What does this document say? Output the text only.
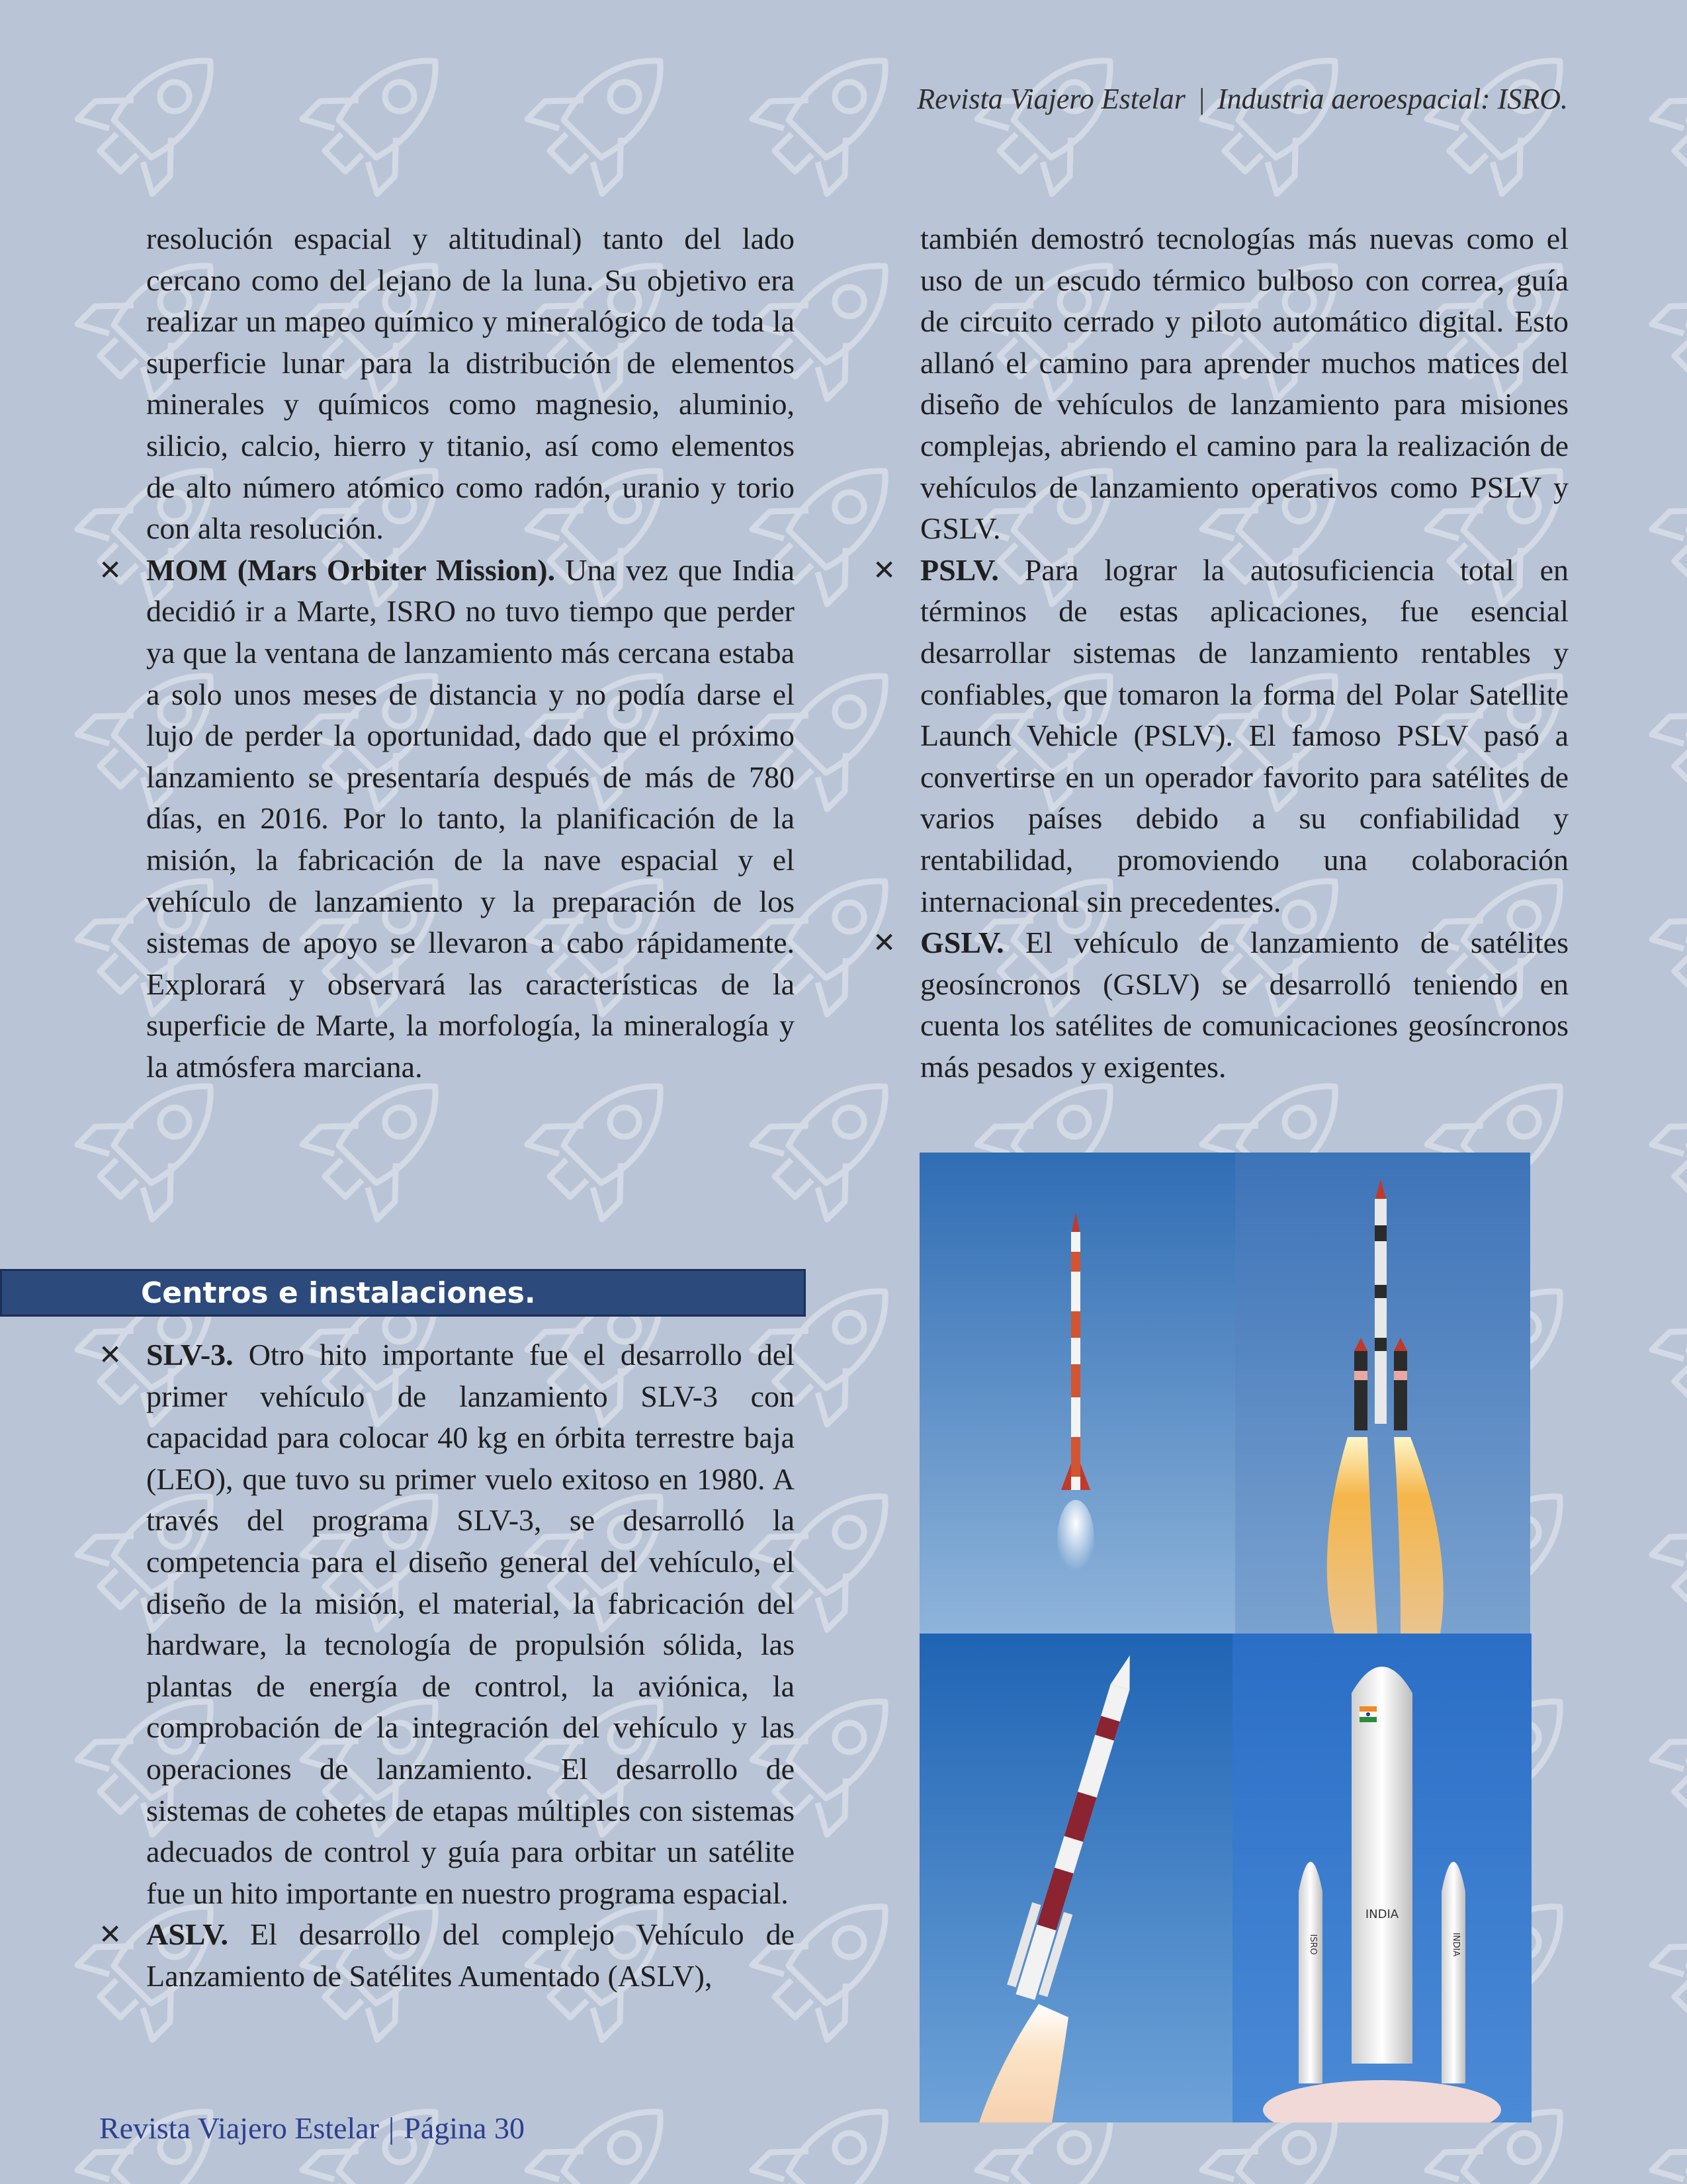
Revista Viajero Estelar | Industria aeroespacial: ISRO.

resolución espacial y altitudinal) tanto del lado cercano como del lejano de la luna. Su objetivo era realizar un mapeo químico y mineralógico de toda la superficie lunar para la distribución de elementos minerales y químicos como magnesio, aluminio, silicio, calcio, hierro y titanio, así como elementos de alto número atómico como radón, uranio y torio con alta resolución.

✕ MOM (Mars Orbiter Mission). Una vez que India decidió ir a Marte, ISRO no tuvo tiempo que perder ya que la ventana de lanzamiento más cercana estaba a solo unos meses de distancia y no podía darse el lujo de perder la oportunidad, dado que el próximo lanzamiento se presentaría después de más de 780 días, en 2016. Por lo tanto, la planificación de la misión, la fabricación de la nave espacial y el vehículo de lanzamiento y la preparación de los sistemas de apoyo se llevaron a cabo rápidamente. Explorará y observará las características de la superficie de Marte, la morfología, la mineralogía y la atmósfera marciana.
Centros e instalaciones.
✕ SLV-3. Otro hito importante fue el desarrollo del primer vehículo de lanzamiento SLV-3 con capacidad para colocar 40 kg en órbita terrestre baja (LEO), que tuvo su primer vuelo exitoso en 1980. A través del programa SLV-3, se desarrolló la competencia para el diseño general del vehículo, el diseño de la misión, el material, la fabricación del hardware, la tecnología de propulsión sólida, las plantas de energía de control, la aviónica, la comprobación de la integración del vehículo y las operaciones de lanzamiento. El desarrollo de sistemas de cohetes de etapas múltiples con sistemas adecuados de control y guía para orbitar un satélite fue un hito importante en nuestro programa espacial.
✕ ASLV. El desarrollo del complejo Vehículo de Lanzamiento de Satélites Aumentado (ASLV),

también demostró tecnologías más nuevas como el uso de un escudo térmico bulboso con correa, guía de circuito cerrado y piloto automático digital. Esto allanó el camino para aprender muchos matices del diseño de vehículos de lanzamiento para misiones complejas, abriendo el camino para la realización de vehículos de lanzamiento operativos como PSLV y GSLV.

✕ PSLV. Para lograr la autosuficiencia total en términos de estas aplicaciones, fue esencial desarrollar sistemas de lanzamiento rentables y confiables, que tomaron la forma del Polar Satellite Launch Vehicle (PSLV). El famoso PSLV pasó a convertirse en un operador favorito para satélites de varios países debido a su confiabilidad y rentabilidad, promoviendo una colaboración internacional sin precedentes.
✕ GSLV. El vehículo de lanzamiento de satélites geosíncronos (GSLV) se desarrolló teniendo en cuenta los satélites de comunicaciones geosíncronos más pesados y exigentes.
INDIA
ISRO	INDIA
Revista Viajero Estelar | Página 30
